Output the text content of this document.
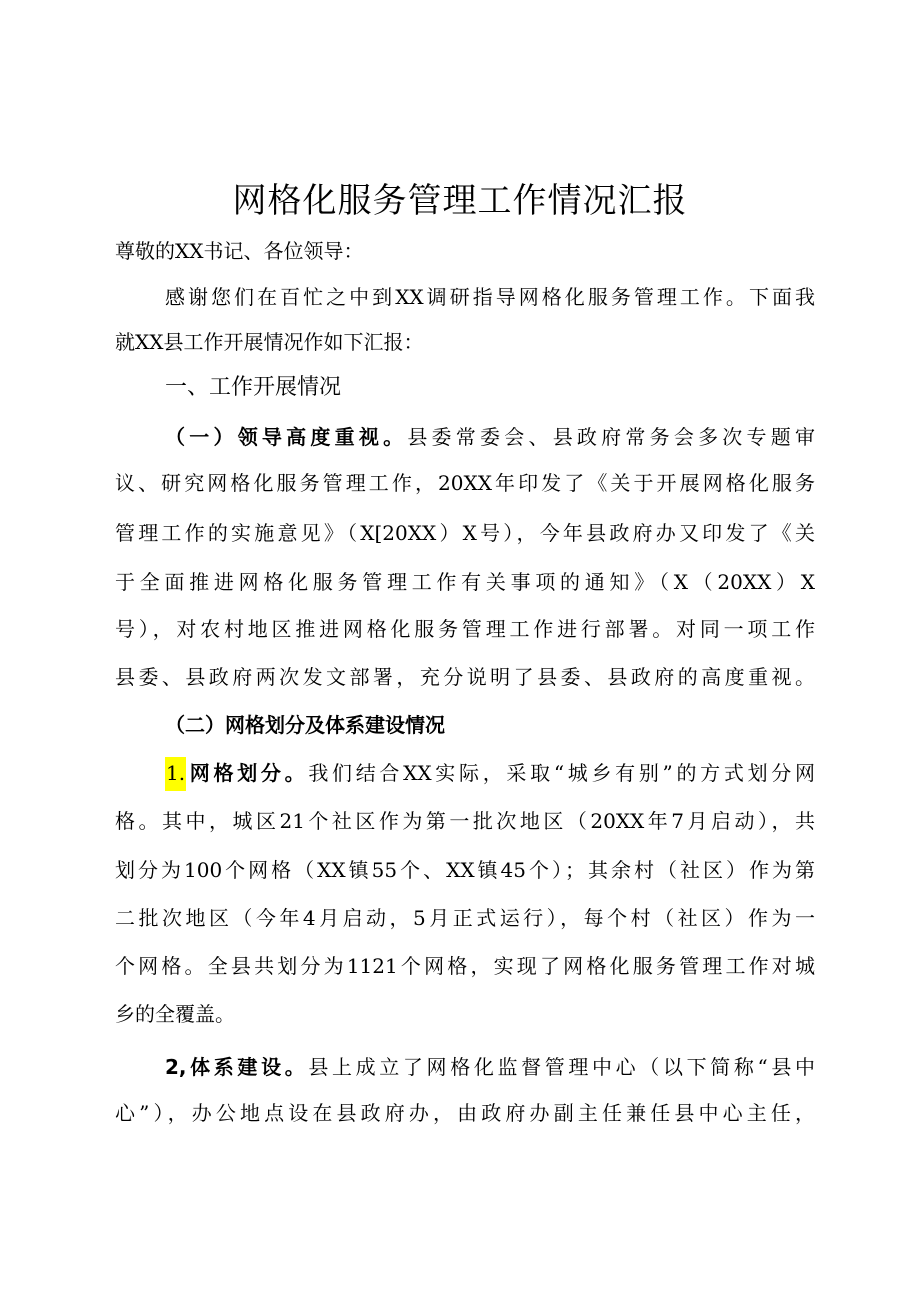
网格化服务管理工作情况汇报
尊敬的XX书记、各位领导：
感谢您们在百忙之中到XX调研指导网格化服务管理工作。下面我
就XX县工作开展情况作如下汇报：
一、工作开展情况
（一）领导高度重视。县委常委会、县政府常务会多次专题审
议、研究网格化服务管理工作，20XX年印发了《关于开展网格化服务
管理工作的实施意见》（X[20XX）X号），今年县政府办又印发了《关
于全面推进网格化服务管理工作有关事项的通知》（X（20XX）X
号），对农村地区推进网格化服务管理工作进行部署。对同一项工作
县委、县政府两次发文部署，充分说明了县委、县政府的高度重视。
（二）网格划分及体系建设情况
1.网格划分。我们结合XX实际，采取“城乡有别”的方式划分网
格。其中，城区21个社区作为第一批次地区（20XX年7月启动），共
划分为100个网格（XX镇55个、XX镇45个）；其余村（社区）作为第
二批次地区（今年4月启动，5月正式运行），每个村（社区）作为一
个网格。全县共划分为1121个网格，实现了网格化服务管理工作对城
乡的全覆盖。
2,体系建设。县上成立了网格化监督管理中心（以下简称“县中
心”），办公地点设在县政府办，由政府办副主任兼任县中心主任，
